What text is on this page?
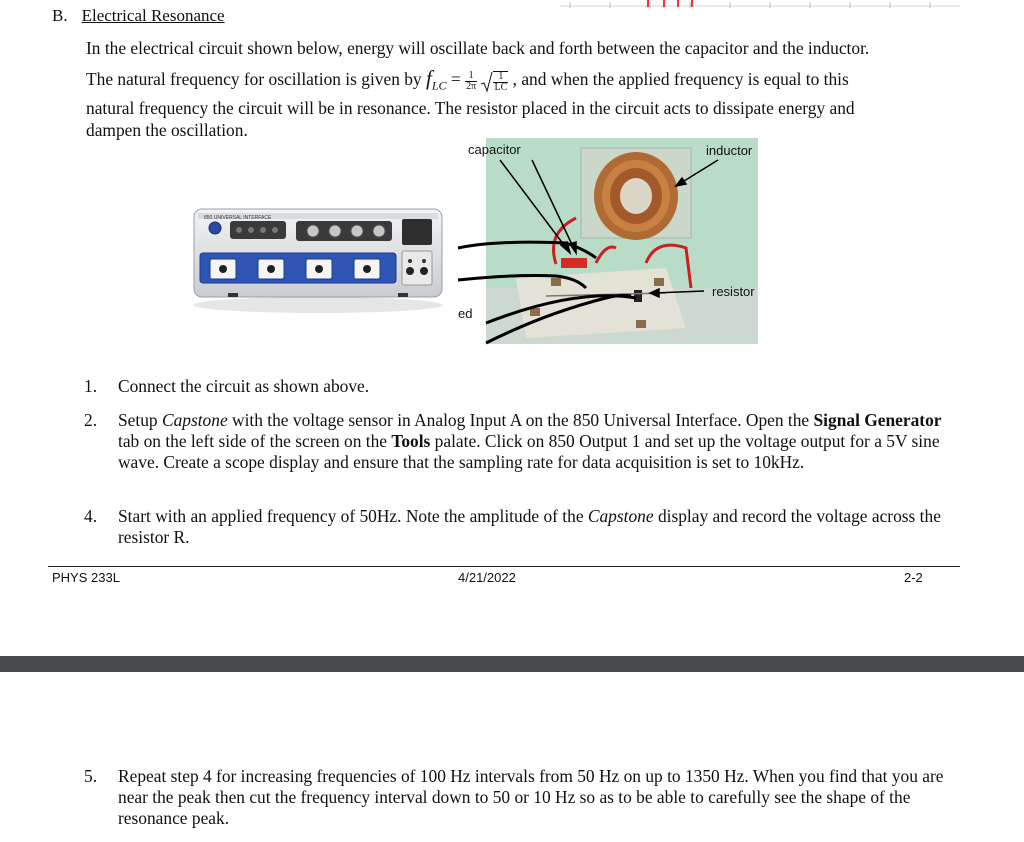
B. Electrical Resonance
In the electrical circuit shown below, energy will oscillate back and forth between the capacitor and the inductor.
The natural frequency for oscillation is given by $f_{LC} = \frac{1}{2\pi}$
$\frac{1}{LC}$ , and when the applied frequency is equal to this
natural frequency the circuit will be in resonance. The resistor placed in the circuit acts to dissipate energy and
dampen the oscillation.
850 UNIVERSAL INTERFACE
capacitor	inductor
resistor
ed
1. Connect the circuit as shown above.
2. Setup Capstone with the voltage sensor in Analog Input A on the 850 Universal Interface. Open the Signal Generator tab on the left side of the screen on the Tools palate. Click on 850 Output 1 and set up the voltage output for a 5V sine wave. Create a scope display and ensure that the sampling rate for data acquisition is set to 10kHz.
4. Start with an applied frequency of 50Hz. Note the amplitude of the Capstone display and record the voltage across the resistor R.
PHYS 233L	4/21/2022	2-2
5. Repeat step 4 for increasing frequencies of 100 Hz intervals from 50 Hz on up to 1350 Hz. When you find that you are near the peak then cut the frequency interval down to 50 or 10 Hz so as to be able to carefully see the shape of the resonance peak.
